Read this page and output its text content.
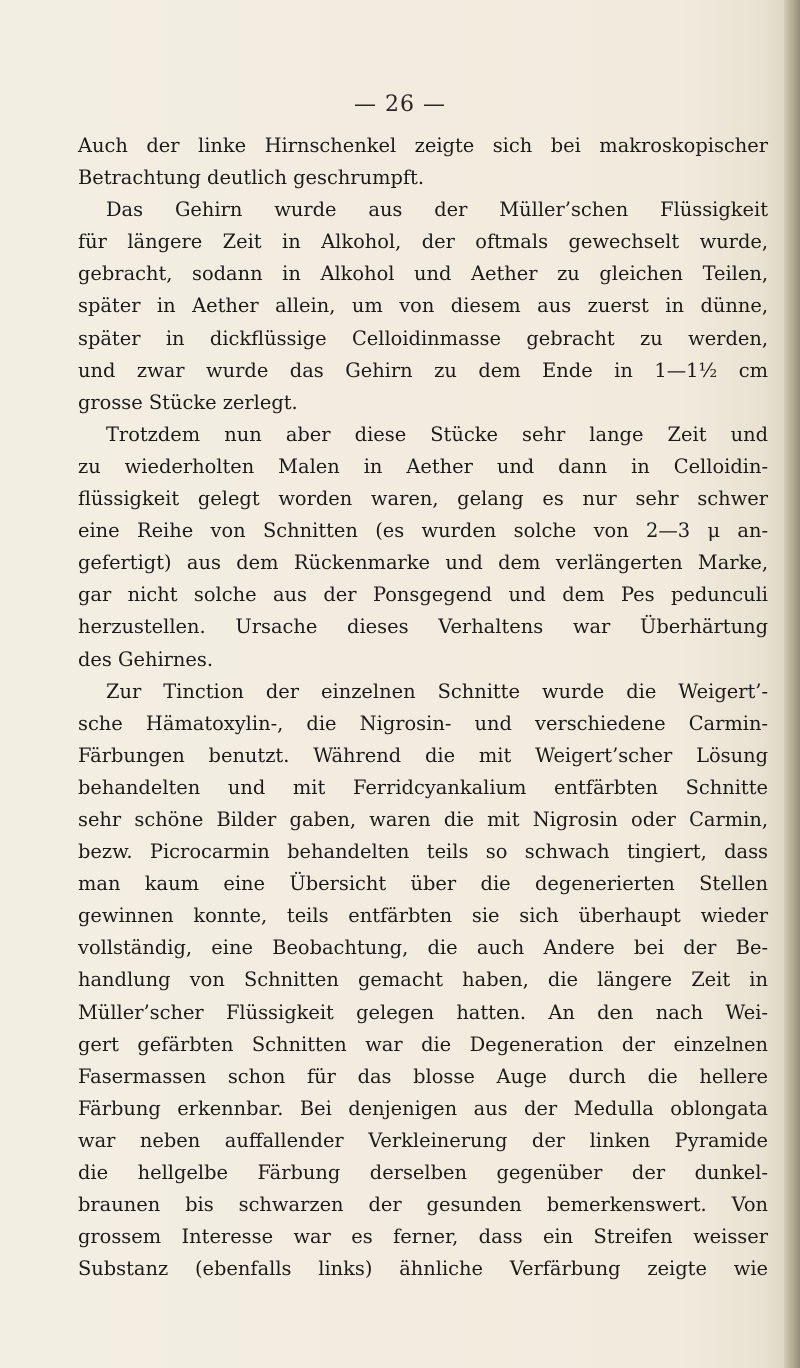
— 26 —
Auch der linke Hirnschenkel zeigte sich bei makroskopischer
Betrachtung deutlich geschrumpft.
Das Gehirn wurde aus der Müller’schen Flüssigkeit
für längere Zeit in Alkohol, der oftmals gewechselt wurde,
gebracht, sodann in Alkohol und Aether zu gleichen Teilen,
später in Aether allein, um von diesem aus zuerst in dünne,
später in dickflüssige Celloidinmasse gebracht zu werden,
und zwar wurde das Gehirn zu dem Ende in 1—1½ cm
grosse Stücke zerlegt.
Trotzdem nun aber diese Stücke sehr lange Zeit und
zu wiederholten Malen in Aether und dann in Celloidin-
flüssigkeit gelegt worden waren, gelang es nur sehr schwer
eine Reihe von Schnitten (es wurden solche von 2—3 μ an-
gefertigt) aus dem Rückenmarke und dem verlängerten Marke,
gar nicht solche aus der Ponsgegend und dem Pes pedunculi
herzustellen. Ursache dieses Verhaltens war Überhärtung
des Gehirnes.
Zur Tinction der einzelnen Schnitte wurde die Weigert’-
sche Hämatoxylin-, die Nigrosin- und verschiedene Carmin-
Färbungen benutzt. Während die mit Weigert’scher Lösung
behandelten und mit Ferridcyankalium entfärbten Schnitte
sehr schöne Bilder gaben, waren die mit Nigrosin oder Carmin,
bezw. Picrocarmin behandelten teils so schwach tingiert, dass
man kaum eine Übersicht über die degenerierten Stellen
gewinnen konnte, teils entfärbten sie sich überhaupt wieder
vollständig, eine Beobachtung, die auch Andere bei der Be-
handlung von Schnitten gemacht haben, die längere Zeit in
Müller’scher Flüssigkeit gelegen hatten. An den nach Wei-
gert gefärbten Schnitten war die Degeneration der einzelnen
Fasermassen schon für das blosse Auge durch die hellere
Färbung erkennbar. Bei denjenigen aus der Medulla oblongata
war neben auffallender Verkleinerung der linken Pyramide
die hellgelbe Färbung derselben gegenüber der dunkel-
braunen bis schwarzen der gesunden bemerkenswert. Von
grossem Interesse war es ferner, dass ein Streifen weisser
Substanz (ebenfalls links) ähnliche Verfärbung zeigte wie
